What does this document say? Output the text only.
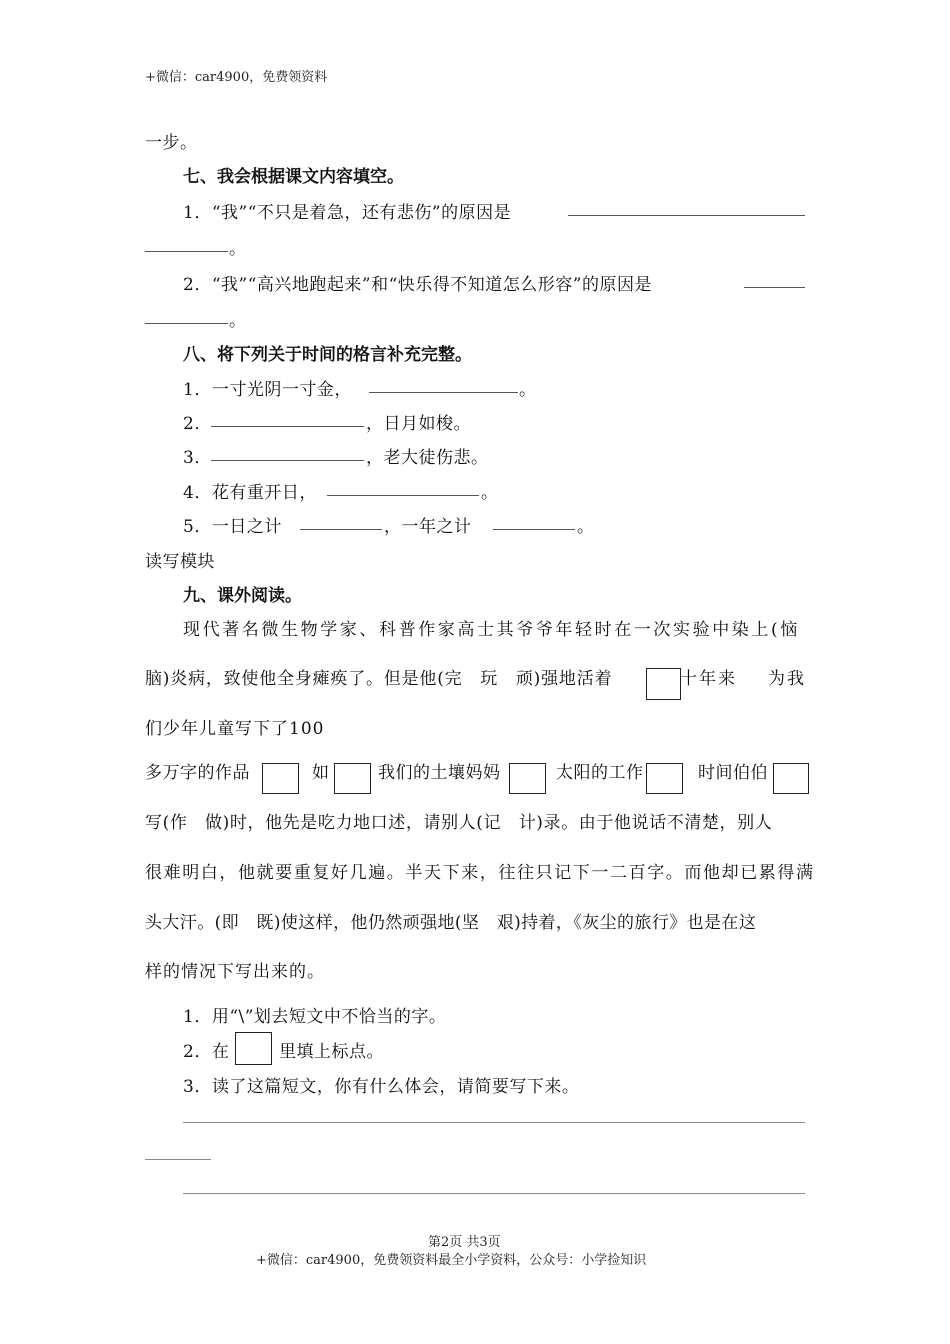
+微信：car4900，免费领资料
一步。
七、我会根据课文内容填空。
1．“我”“不只是着急，还有悲伤”的原因是
。
2．“我”“高兴地跑起来”和“快乐得不知道怎么形容”的原因是
。
八、将下列关于时间的格言补充完整。
1．一寸光阴一寸金，	。
2．	，日月如梭。
3．	，老大徒伤悲。
4．花有重开日，	。
5．一日之计	，一年之计	。
读写模块
九、课外阅读。
现代著名微生物学家、科普作家高士其爷爷年轻时在一次实验中染上(恼
脑)炎病，致使他全身瘫痪了。但是他(完　玩　顽)强地活着	十年来 为我
们少年儿童写下了100
多万字的作品	如	我们的土壤妈妈	太阳的工作	时间伯伯
写(作　做)时，他先是吃力地口述，请别人(记　计)录。由于他说话不清楚，别人
很难明白，他就要重复好几遍。半天下来，往往只记下一二百字。而他却已累得满
头大汗。(即　既)使这样，他仍然顽强地(坚　艰)持着，《灰尘的旅行》也是在这
样的情况下写出来的。
1．用“\”划去短文中不恰当的字。
2．在	里填上标点。
3．读了这篇短文，你有什么体会，请简要写下来。
第2页 共3页
+微信：car4900，免费领资料最全小学资料，公众号：小学捡知识
